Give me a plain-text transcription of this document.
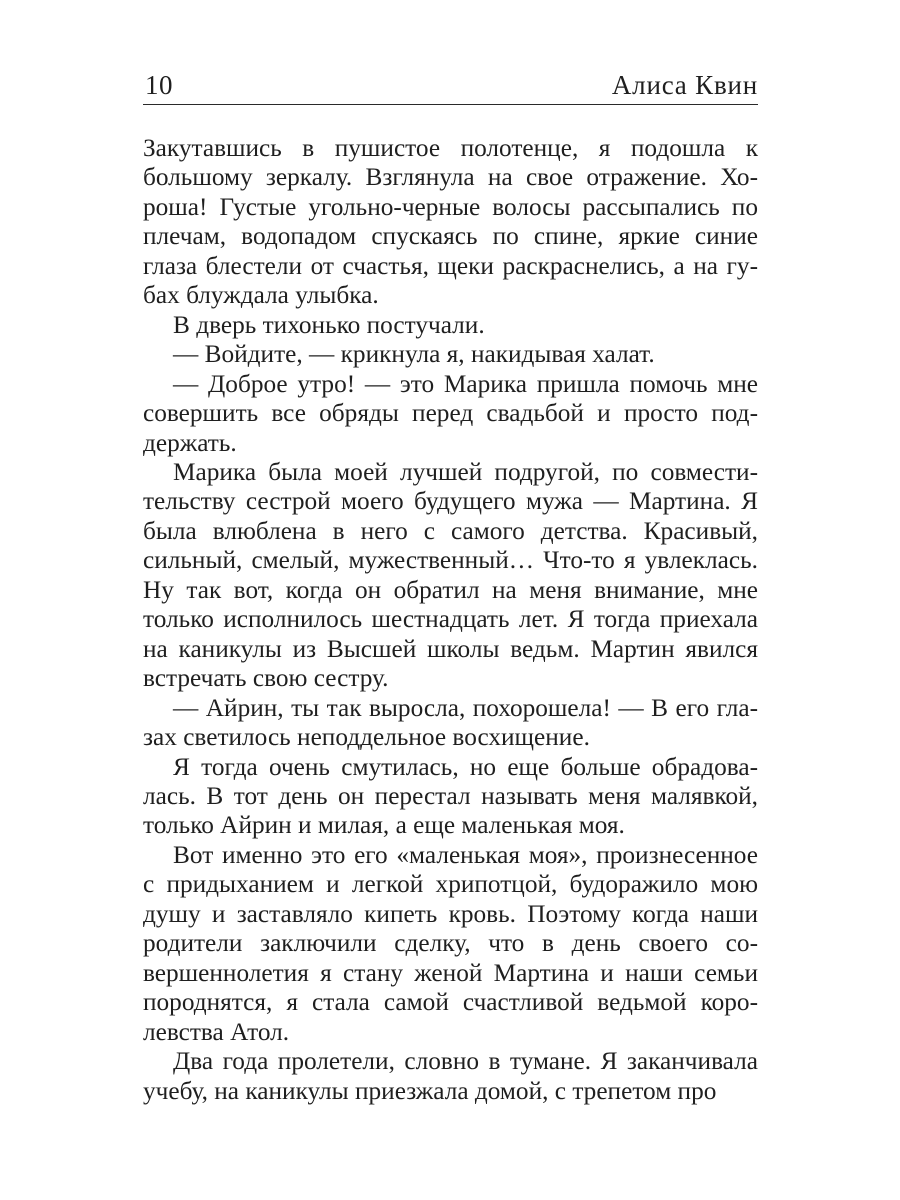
10	Алиса Квин

Закутавшись в пушистое полотенце, я подошла к большому зеркалу. Взглянула на свое отражение. Хороша! Густые угольно-черные волосы рассыпались по плечам, водопадом спускаясь по спине, яркие синие глаза блестели от счастья, щеки раскраснелись, а на губах блуждала улыбка.

В дверь тихонько постучали.

— Войдите, — крикнула я, накидывая халат.

— Доброе утро! — это Марика пришла помочь мне совершить все обряды перед свадьбой и просто поддержать.

Марика была моей лучшей подругой, по совместительству сестрой моего будущего мужа — Мартина. Я была влюблена в него с самого детства. Красивый, сильный, смелый, мужественный… Что-то я увлеклась. Ну так вот, когда он обратил на меня внимание, мне только исполнилось шестнадцать лет. Я тогда приехала на каникулы из Высшей школы ведьм. Мартин явился встречать свою сестру.

— Айрин, ты так выросла, похорошела! — В его глазах светилось неподдельное восхищение.

Я тогда очень смутилась, но еще больше обрадовалась. В тот день он перестал называть меня малявкой, только Айрин и милая, а еще маленькая моя.

Вот именно это его «маленькая моя», произнесенное с придыханием и легкой хрипотцой, будоражило мою душу и заставляло кипеть кровь. Поэтому когда наши родители заключили сделку, что в день своего совершеннолетия я стану женой Мартина и наши семьи породнятся, я стала самой счастливой ведьмой королевства Атол.

Два года пролетели, словно в тумане. Я заканчивала учебу, на каникулы приезжала домой, с трепетом про
